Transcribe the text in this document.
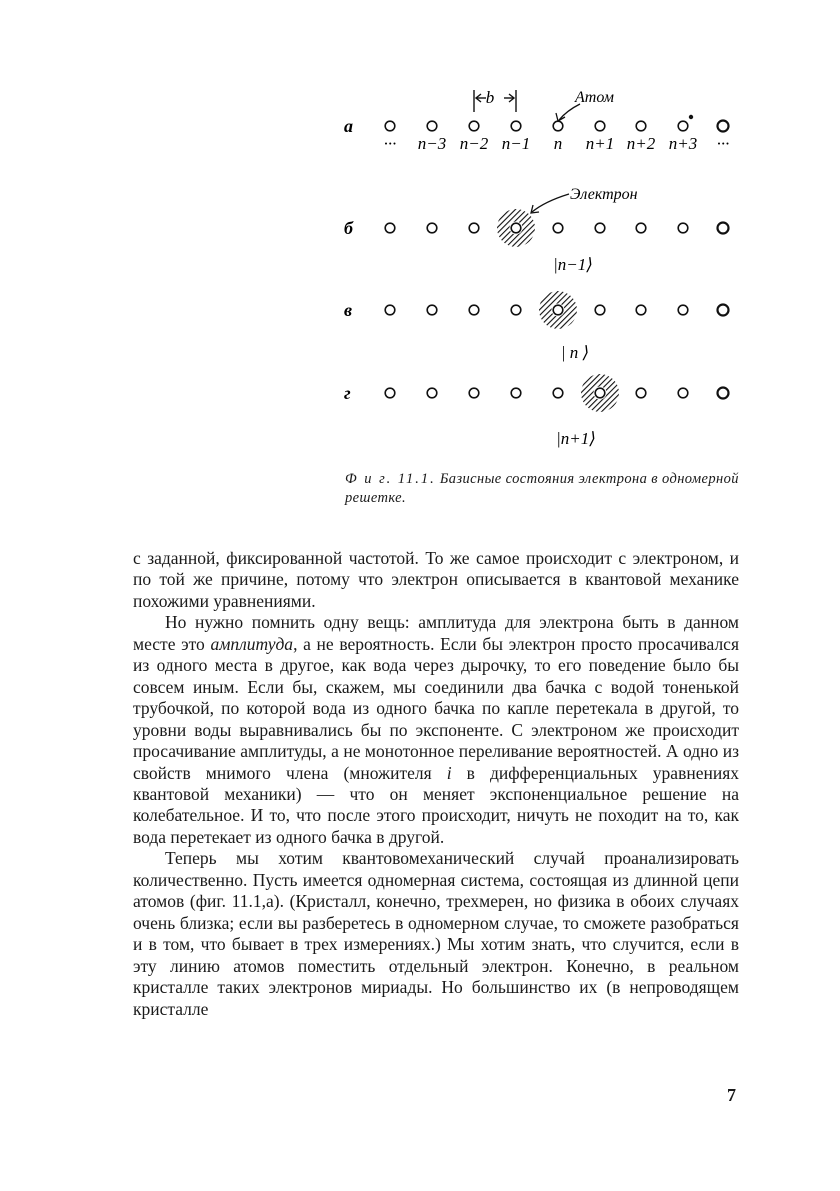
b	Атом
Электрон
а
б
в
г
··· n−3 n−2 n−1 n n+1 n+2 n+3 ···
|n−1⟩
| n ⟩
|n+1⟩
Ф и г. 11.1. Базисные состояния электрона в одномерной решетке.

с заданной, фиксированной частотой. То же самое происходит с электроном, и по той же причине, потому что электрон описывается в квантовой механике похожими уравнениями.

Но нужно помнить одну вещь: амплитуда для электрона быть в данном месте это амплитуда, а не вероятность. Если бы электрон просто просачивался из одного места в другое, как вода через дырочку, то его поведение было бы совсем иным. Если бы, скажем, мы соединили два бачка с водой тоненькой трубочкой, по которой вода из одного бачка по капле перетекала в другой, то уровни воды выравнивались бы по экспоненте. С электроном же происходит просачивание амплитуды, а не монотонное переливание вероятностей. А одно из свойств мнимого члена (множителя i в дифференциальных уравнениях квантовой механики) — что он меняет экспоненциальное решение на колебательное. И то, что после этого происходит, ничуть не походит на то, как вода перетекает из одного бачка в другой.

Теперь мы хотим квантовомеханический случай проанализировать количественно. Пусть имеется одномерная система, состоящая из длинной цепи атомов (фиг. 11.1,а). (Кристалл, конечно, трехмерен, но физика в обоих случаях очень близка; если вы разберетесь в одномерном случае, то сможете разобраться и в том, что бывает в трех измерениях.) Мы хотим знать, что случится, если в эту линию атомов поместить отдельный электрон. Конечно, в реальном кристалле таких электронов мириады. Но большинство их (в непроводящем кристалле

7
